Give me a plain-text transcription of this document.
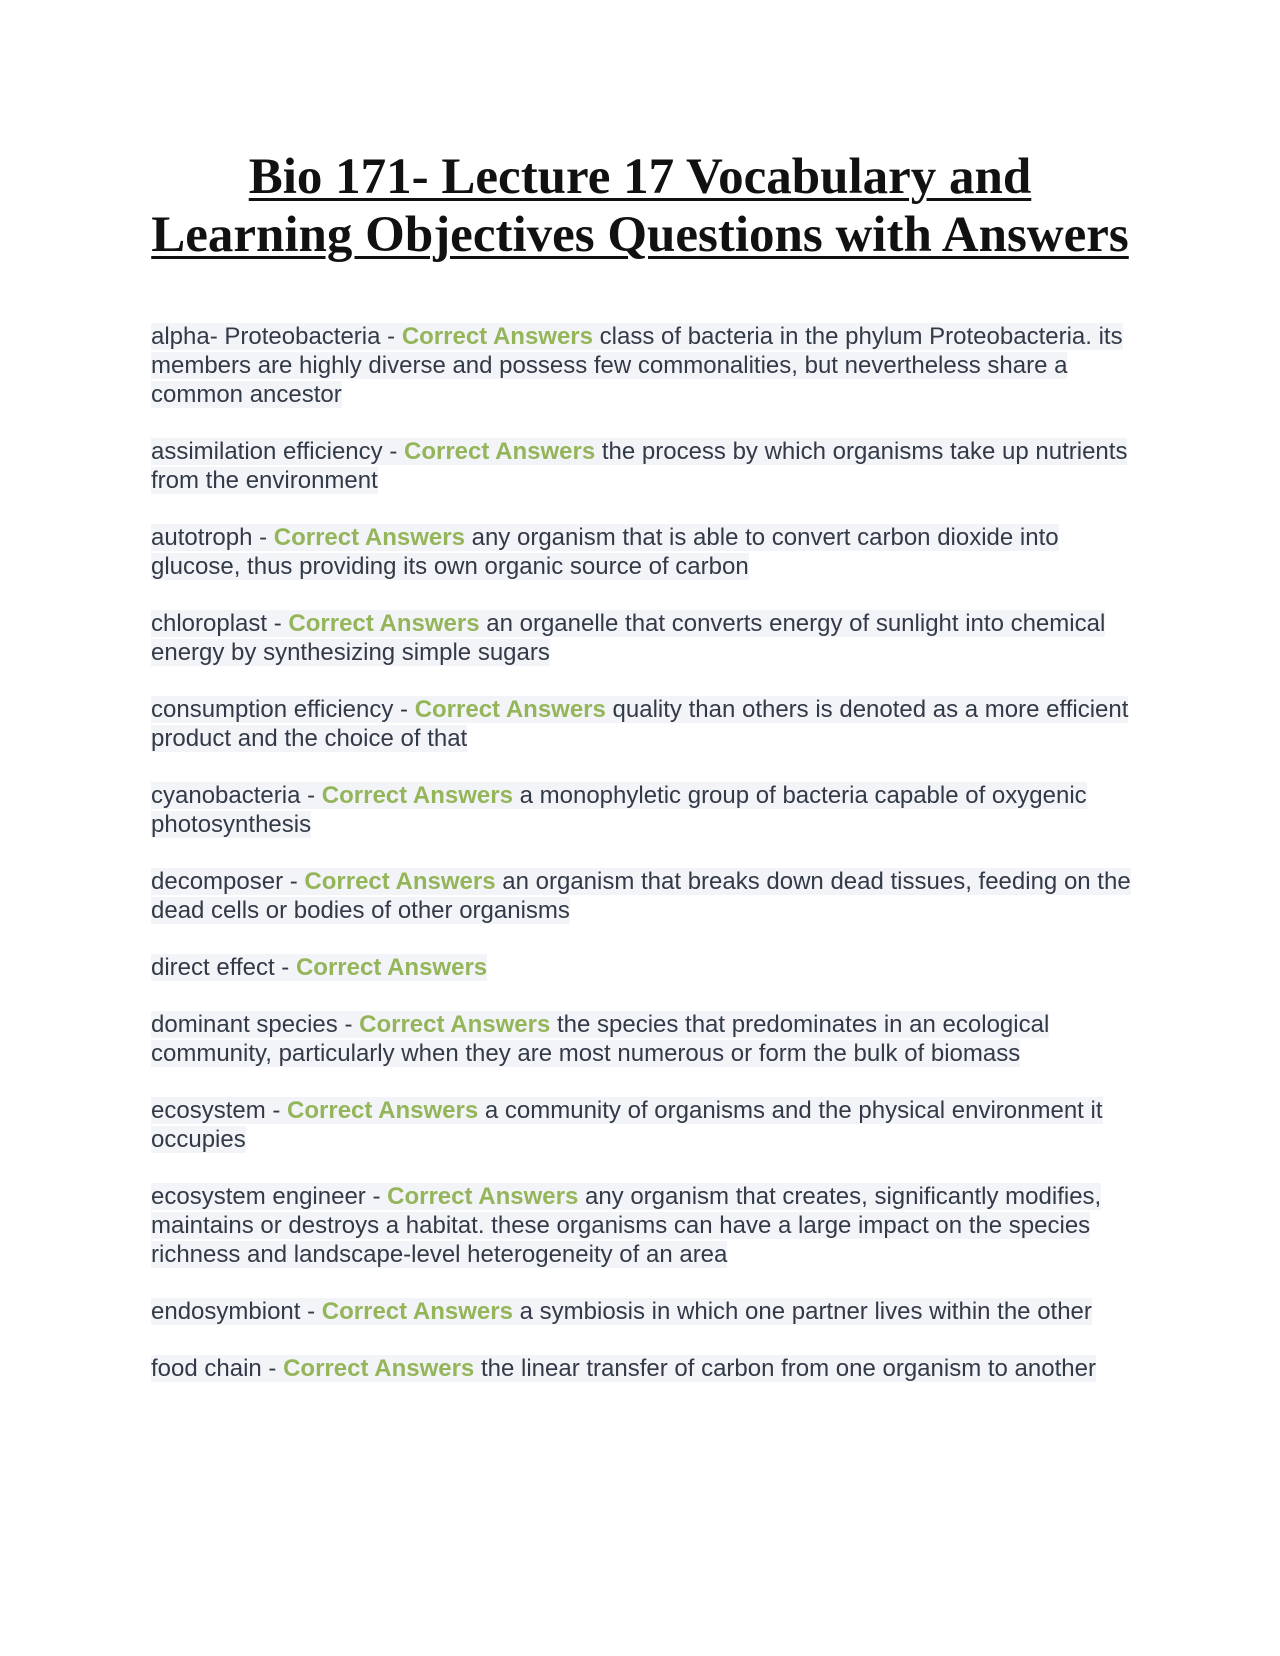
Bio 171- Lecture 17 Vocabulary and Learning Objectives Questions with Answers

alpha- Proteobacteria - Correct Answers class of bacteria in the phylum Proteobacteria. its members are highly diverse and possess few commonalities, but nevertheless share a common ancestor

assimilation efficiency - Correct Answers the process by which organisms take up nutrients from the environment

autotroph - Correct Answers any organism that is able to convert carbon dioxide into glucose, thus providing its own organic source of carbon

chloroplast - Correct Answers an organelle that converts energy of sunlight into chemical energy by synthesizing simple sugars

consumption efficiency - Correct Answers quality than others is denoted as a more efficient product and the choice of that

cyanobacteria - Correct Answers a monophyletic group of bacteria capable of oxygenic photosynthesis

decomposer - Correct Answers an organism that breaks down dead tissues, feeding on the dead cells or bodies of other organisms

direct effect - Correct Answers

dominant species - Correct Answers the species that predominates in an ecological community, particularly when they are most numerous or form the bulk of biomass

ecosystem - Correct Answers a community of organisms and the physical environment it occupies

ecosystem engineer - Correct Answers any organism that creates, significantly modifies, maintains or destroys a habitat. these organisms can have a large impact on the species richness and landscape-level heterogeneity of an area

endosymbiont - Correct Answers a symbiosis in which one partner lives within the other

food chain - Correct Answers the linear transfer of carbon from one organism to another
